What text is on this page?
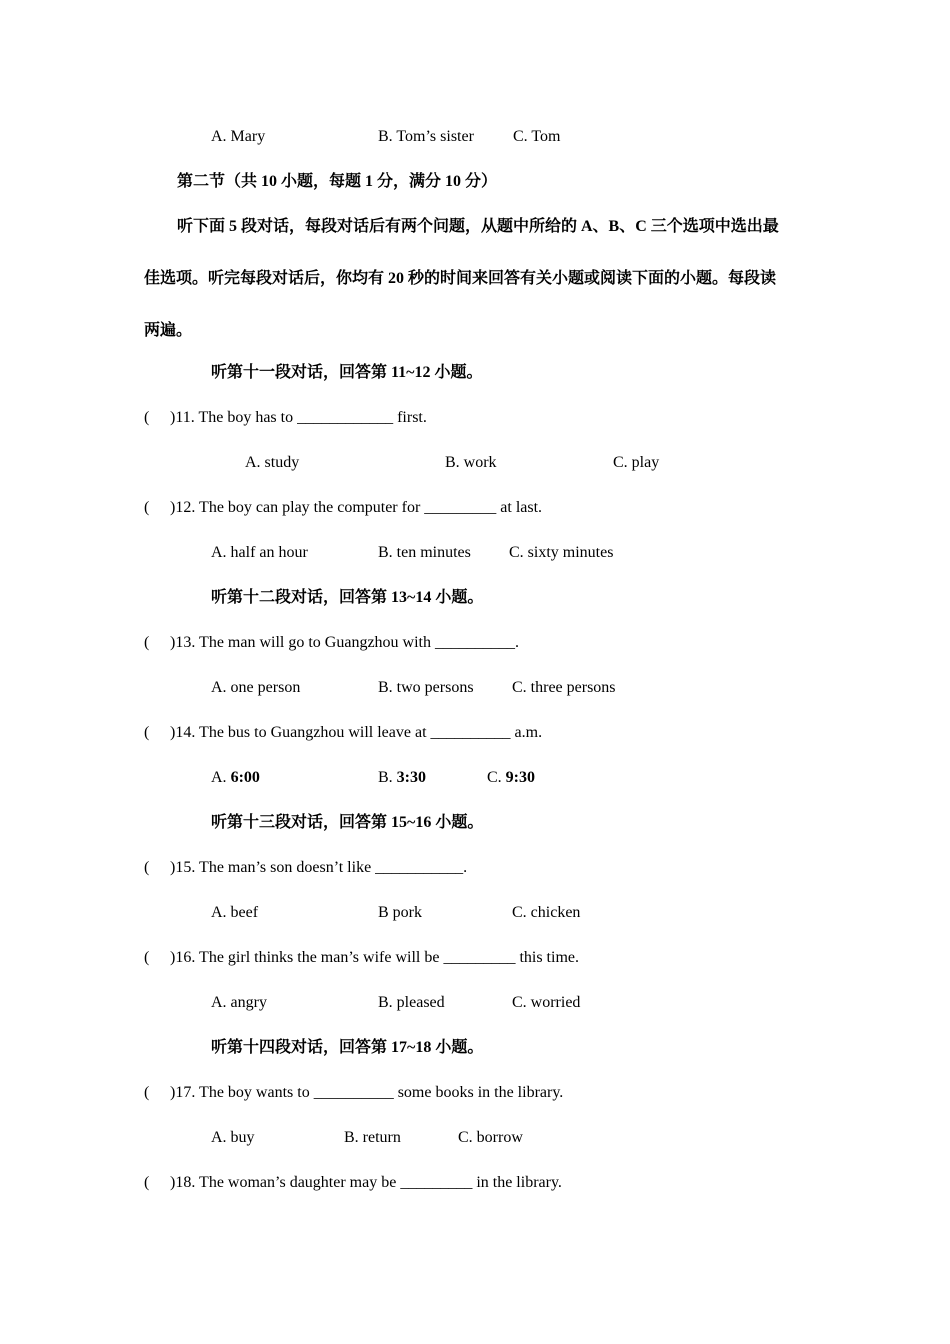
A. Mary	B. Tom’s sister C. Tom
第二节（共 10 小题，每题 1 分，满分 10 分）
听下面 5 段对话，每段对话后有两个问题，从题中所给的 A、B、C 三个选项中选出最
佳选项。听完每段对话后，你均有 20 秒的时间来回答有关小题或阅读下面的小题。每段读
两遍。
听第十一段对话，回答第 11~12 小题。
( )11. The boy has to ____________ first.
A. study	B. work	C. play
( )12. The boy can play the computer for _________ at last.
A. half an hour	B. ten minutes C. sixty minutes
听第十二段对话，回答第 13~14 小题。
( )13. The man will go to Guangzhou with __________.
A. one person	B. two persons C. three persons
( )14. The bus to Guangzhou will leave at __________ a.m.
A. 6:00	B. 3:30	C. 9:30
听第十三段对话，回答第 15~16 小题。
( )15. The man’s son doesn’t like ___________.
A. beef	B pork	C. chicken
( )16. The girl thinks the man’s wife will be _________ this time.
A. angry	B. pleased	C. worried
听第十四段对话，回答第 17~18 小题。
( )17. The boy wants to __________ some books in the library.
A. buy	B. return	C. borrow
( )18. The woman’s daughter may be _________ in the library.
